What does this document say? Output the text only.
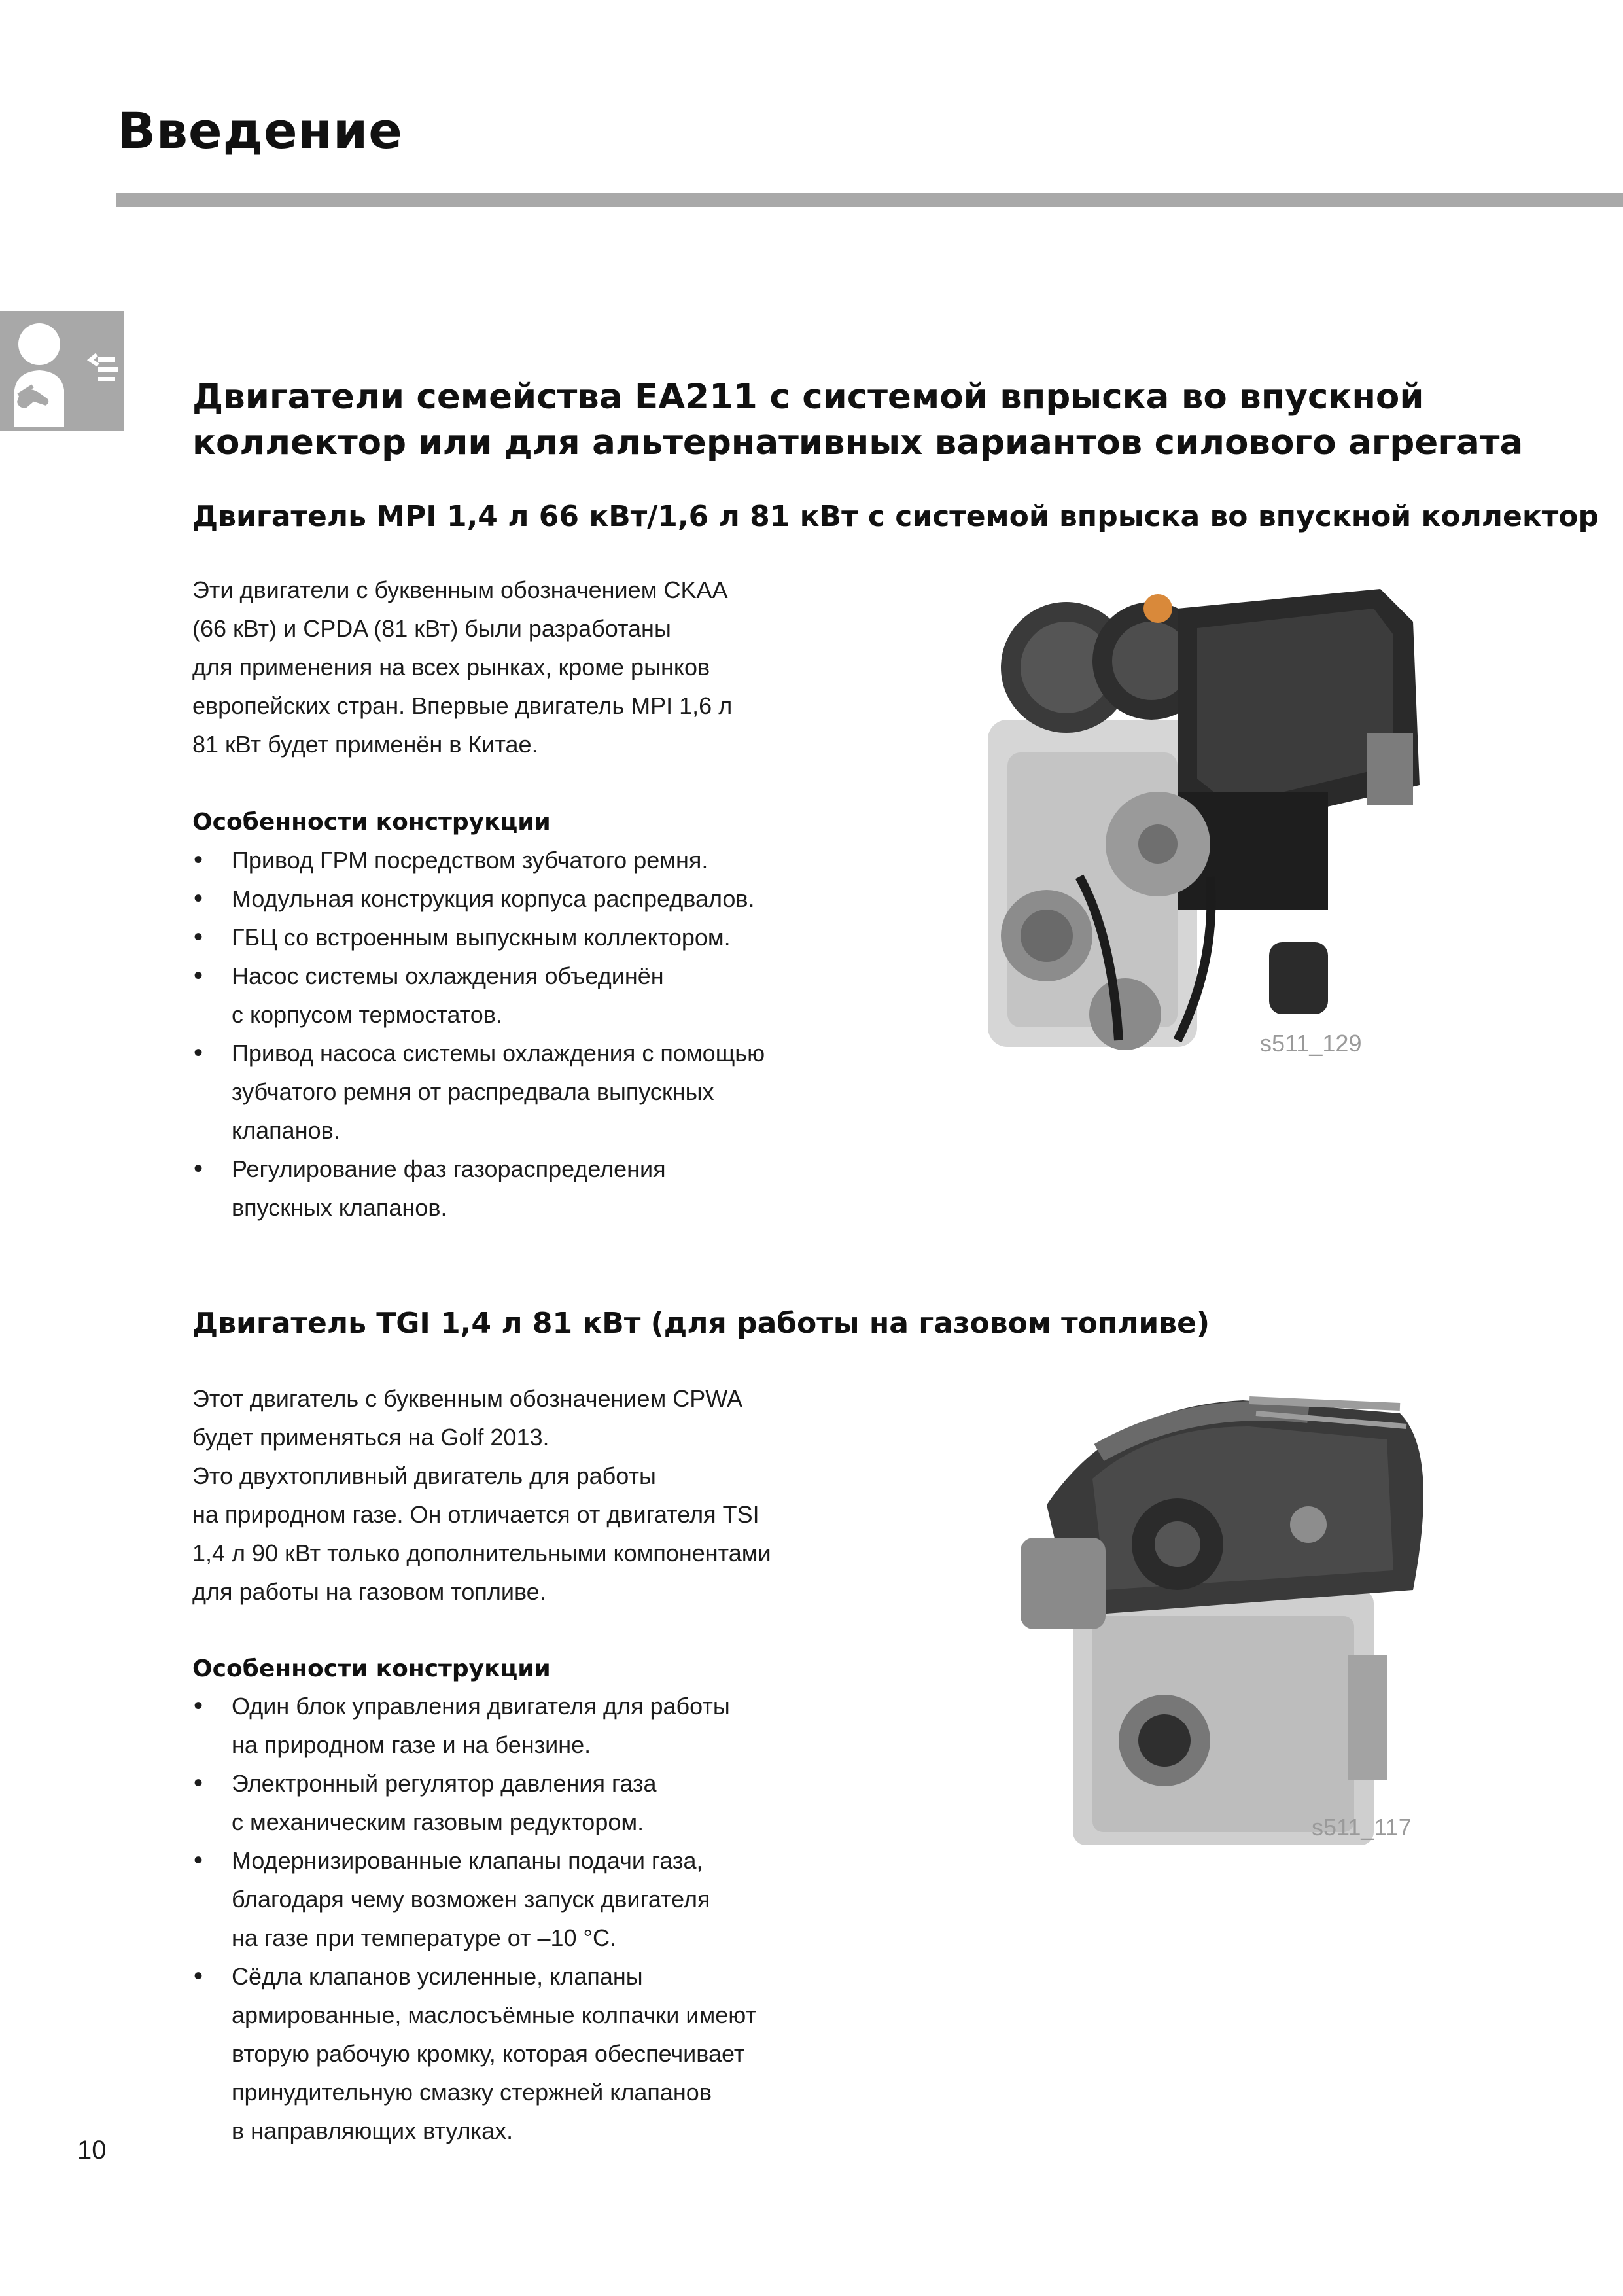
Введение
Двигатели семейства EA211 с системой впрыска во впускной
коллектор или для альтернативных вариантов силового агрегата
Двигатель MPI 1,4 л 66 кВт/1,6 л 81 кВт с системой впрыска во впускной коллектор
Эти двигатели с буквенным обозначением CKAA
(66 кВт) и CPDA (81 кВт) были разработаны
для применения на всех рынках, кроме рынков
европейских стран. Впервые двигатель MPI 1,6 л
81 кВт будет применён в Китае.
Особенности конструкции
• Привод ГРМ посредством зубчатого ремня.
• Модульная конструкция корпуса распредвалов.
• ГБЦ со встроенным выпускным коллектором.
• Насос системы охлаждения объединён
с корпусом термостатов.
• Привод насоса системы охлаждения с помощью
зубчатого ремня от распредвала выпускных
клапанов.
• Регулирование фаз газораспределения
впускных клапанов.
s511_129
Двигатель TGI 1,4 л 81 кВт (для работы на газовом топливе)
Этот двигатель с буквенным обозначением CPWA
будет применяться на Golf 2013.
Это двухтопливный двигатель для работы
на природном газе. Он отличается от двигателя TSI
1,4 л 90 кВт только дополнительными компонентами
для работы на газовом топливе.
Особенности конструкции
• Один блок управления двигателя для работы
на природном газе и на бензине.
• Электронный регулятор давления газа
с механическим газовым редуктором.
• Модернизированные клапаны подачи газа,
благодаря чему возможен запуск двигателя
на газе при температуре от –10 °C.
• Сёдла клапанов усиленные, клапаны
армированные, маслосъёмные колпачки имеют
вторую рабочую кромку, которая обеспечивает
принудительную смазку стержней клапанов
в направляющих втулках.
s511_117
10
